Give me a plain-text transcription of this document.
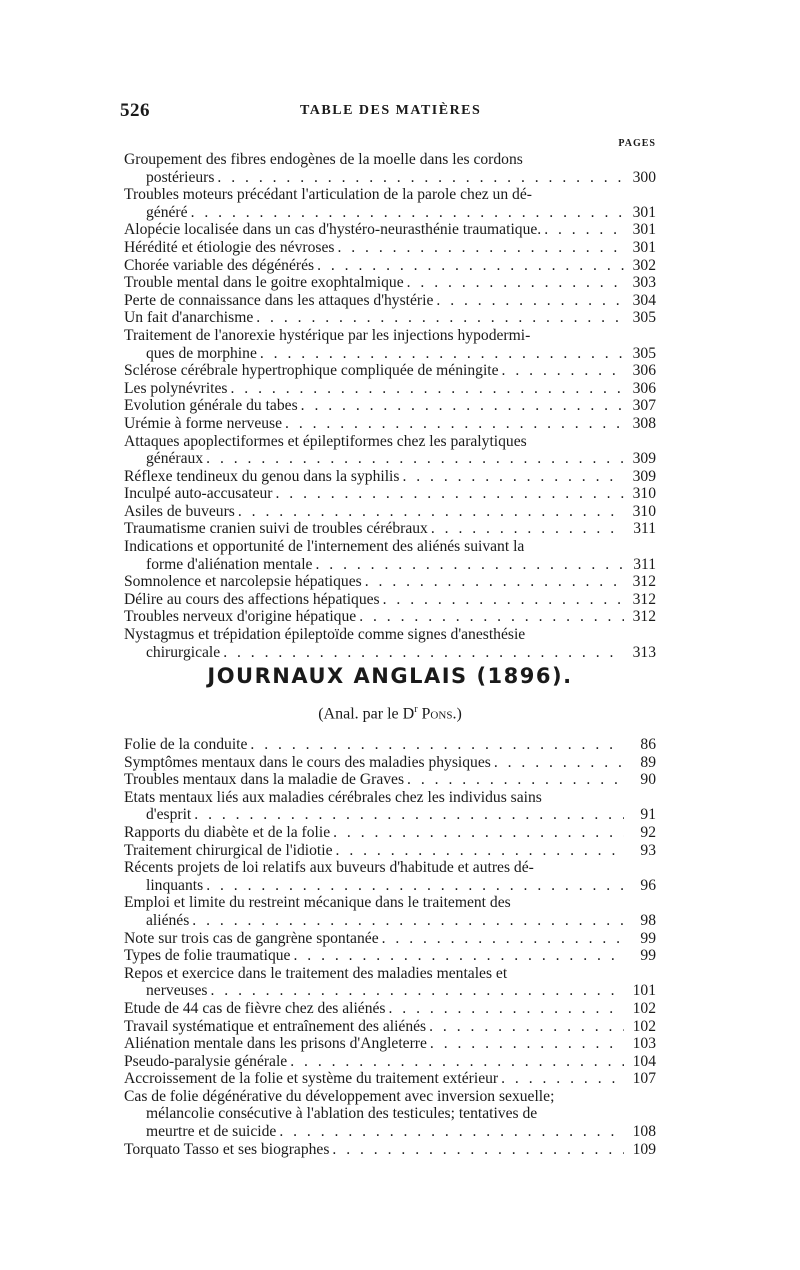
526	TABLE DES MATIÈRES
PAGES
Groupement des fibres endogènes de la moelle dans les cordons
postérieurs . . .	300
Troubles moteurs précédant l'articulation de la parole chez un dé-
généré . . .	301
Alopécie localisée dans un cas d'hystéro-neurasthénie traumatique. . . .	301
Hérédité et étiologie des névroses . . .	301
Chorée variable des dégénérés . . .	302
Trouble mental dans le goitre exophtalmique . . .	303
Perte de connaissance dans les attaques d'hystérie . . .	304
Un fait d'anarchisme . . .	305
Traitement de l'anorexie hystérique par les injections hypodermi-
ques de morphine . . .	305
Sclérose cérébrale hypertrophique compliquée de méningite . . .	306
Les polynévrites . . .	306
Evolution générale du tabes . . .	307
Urémie à forme nerveuse . . .	308
Attaques apoplectiformes et épileptiformes chez les paralytiques
généraux . . .	309
Réflexe tendineux du genou dans la syphilis . . .	309
Inculpé auto-accusateur . . .	310
Asiles de buveurs . . .	310
Traumatisme cranien suivi de troubles cérébraux . . .	311
Indications et opportunité de l'internement des aliénés suivant la
forme d'aliénation mentale . . .	311
Somnolence et narcolepsie hépatiques . . .	312
Délire au cours des affections hépatiques . . .	312
Troubles nerveux d'origine hépatique . . .	312
Nystagmus et trépidation épileptoïde comme signes d'anesthésie
chirurgicale . . .	313
JOURNAUX ANGLAIS (1896).
(Anal. par le $D^r$ Pons.)
Folie de la conduite . . .	86
Symptômes mentaux dans le cours des maladies physiques . . .	89
Troubles mentaux dans la maladie de Graves . . .	90
Etats mentaux liés aux maladies cérébrales chez les individus sains
d'esprit . . .	91
Rapports du diabète et de la folie . . .	92
Traitement chirurgical de l'idiotie . . .	93
Récents projets de loi relatifs aux buveurs d'habitude et autres dé-
linquants . . .	96
Emploi et limite du restreint mécanique dans le traitement des
aliénés . . .	98
Note sur trois cas de gangrène spontanée . . .	99
Types de folie traumatique . . .	99
Repos et exercice dans le traitement des maladies mentales et
nerveuses . . .	101
Etude de 44 cas de fièvre chez des aliénés . . .	102
Travail systématique et entraînement des aliénés . . .	102
Aliénation mentale dans les prisons d'Angleterre . . .	103
Pseudo-paralysie générale . . .	104
Accroissement de la folie et système du traitement extérieur . . .	107
Cas de folie dégénérative du développement avec inversion sexuelle;
mélancolie consécutive à l'ablation des testicules; tentatives de
meurtre et de suicide . . .	108
Torquato Tasso et ses biographes . . .	109
